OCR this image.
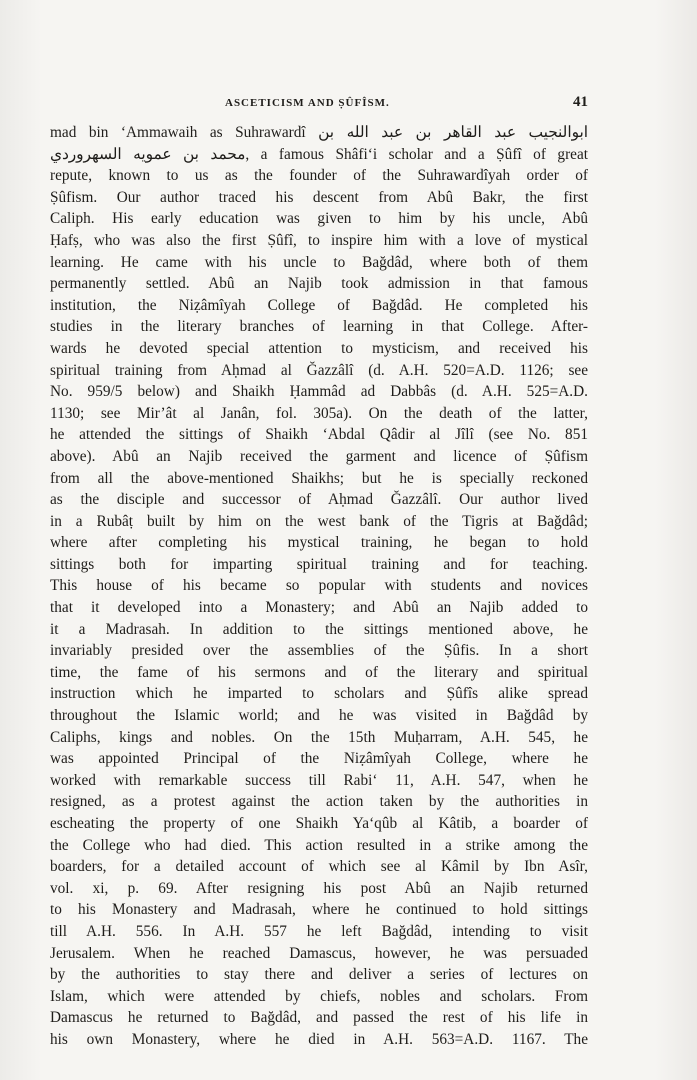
ASCETICISM AND ṢÛFÎSM.	41
mad bin ‘Ammawaih as Suhrawardî ابوالنجيب عبد القاهر بن عبد الله بن
محمد بن عمويه السهروردي, a famous Shâfi‘i scholar and a Ṣûfî of great
repute, known to us as the founder of the Suhrawardîyah order of
Ṣûfism. Our author traced his descent from Abû Bakr, the first
Caliph. His early education was given to him by his uncle, Abû
Ḥafṣ, who was also the first Ṣûfî, to inspire him with a love of mystical
learning. He came with his uncle to Bağdâd, where both of them
permanently settled. Abû an Najib took admission in that famous
institution, the Niẓâmîyah College of Bağdâd. He completed his
studies in the literary branches of learning in that College. After-
wards he devoted special attention to mysticism, and received his
spiritual training from Aḥmad al Ğazzâlî (d. A.H. 520=A.D. 1126; see
No. 959/5 below) and Shaikh Ḥammâd ad Dabbâs (d. A.H. 525=A.D.
1130; see Mir’ât al Janân, fol. 305a). On the death of the latter,
he attended the sittings of Shaikh ‘Abdal Qâdir al Jîlî (see No. 851
above). Abû an Najib received the garment and licence of Ṣûfism
from all the above-mentioned Shaikhs; but he is specially reckoned
as the disciple and successor of Aḥmad Ğazzâlî. Our author lived
in a Rubâṭ built by him on the west bank of the Tigris at Bağdâd;
where after completing his mystical training, he began to hold
sittings both for imparting spiritual training and for teaching.
This house of his became so popular with students and novices
that it developed into a Monastery; and Abû an Najib added to
it a Madrasah. In addition to the sittings mentioned above, he
invariably presided over the assemblies of the Ṣûfis. In a short
time, the fame of his sermons and of the literary and spiritual
instruction which he imparted to scholars and Ṣûfîs alike spread
throughout the Islamic world; and he was visited in Bağdâd by
Caliphs, kings and nobles. On the 15th Muḥarram, A.H. 545, he
was appointed Principal of the Niẓâmîyah College, where he
worked with remarkable success till Rabi‘ 11, A.H. 547, when he
resigned, as a protest against the action taken by the authorities in
escheating the property of one Shaikh Ya‘qûb al Kâtib, a boarder of
the College who had died. This action resulted in a strike among the
boarders, for a detailed account of which see al Kâmil by Ibn Asîr,
vol. xi, p. 69. After resigning his post Abû an Najib returned
to his Monastery and Madrasah, where he continued to hold sittings
till A.H. 556. In A.H. 557 he left Bağdâd, intending to visit
Jerusalem. When he reached Damascus, however, he was persuaded
by the authorities to stay there and deliver a series of lectures on
Islam, which were attended by chiefs, nobles and scholars. From
Damascus he returned to Bağdâd, and passed the rest of his life in
his own Monastery, where he died in A.H. 563=A.D. 1167. The
